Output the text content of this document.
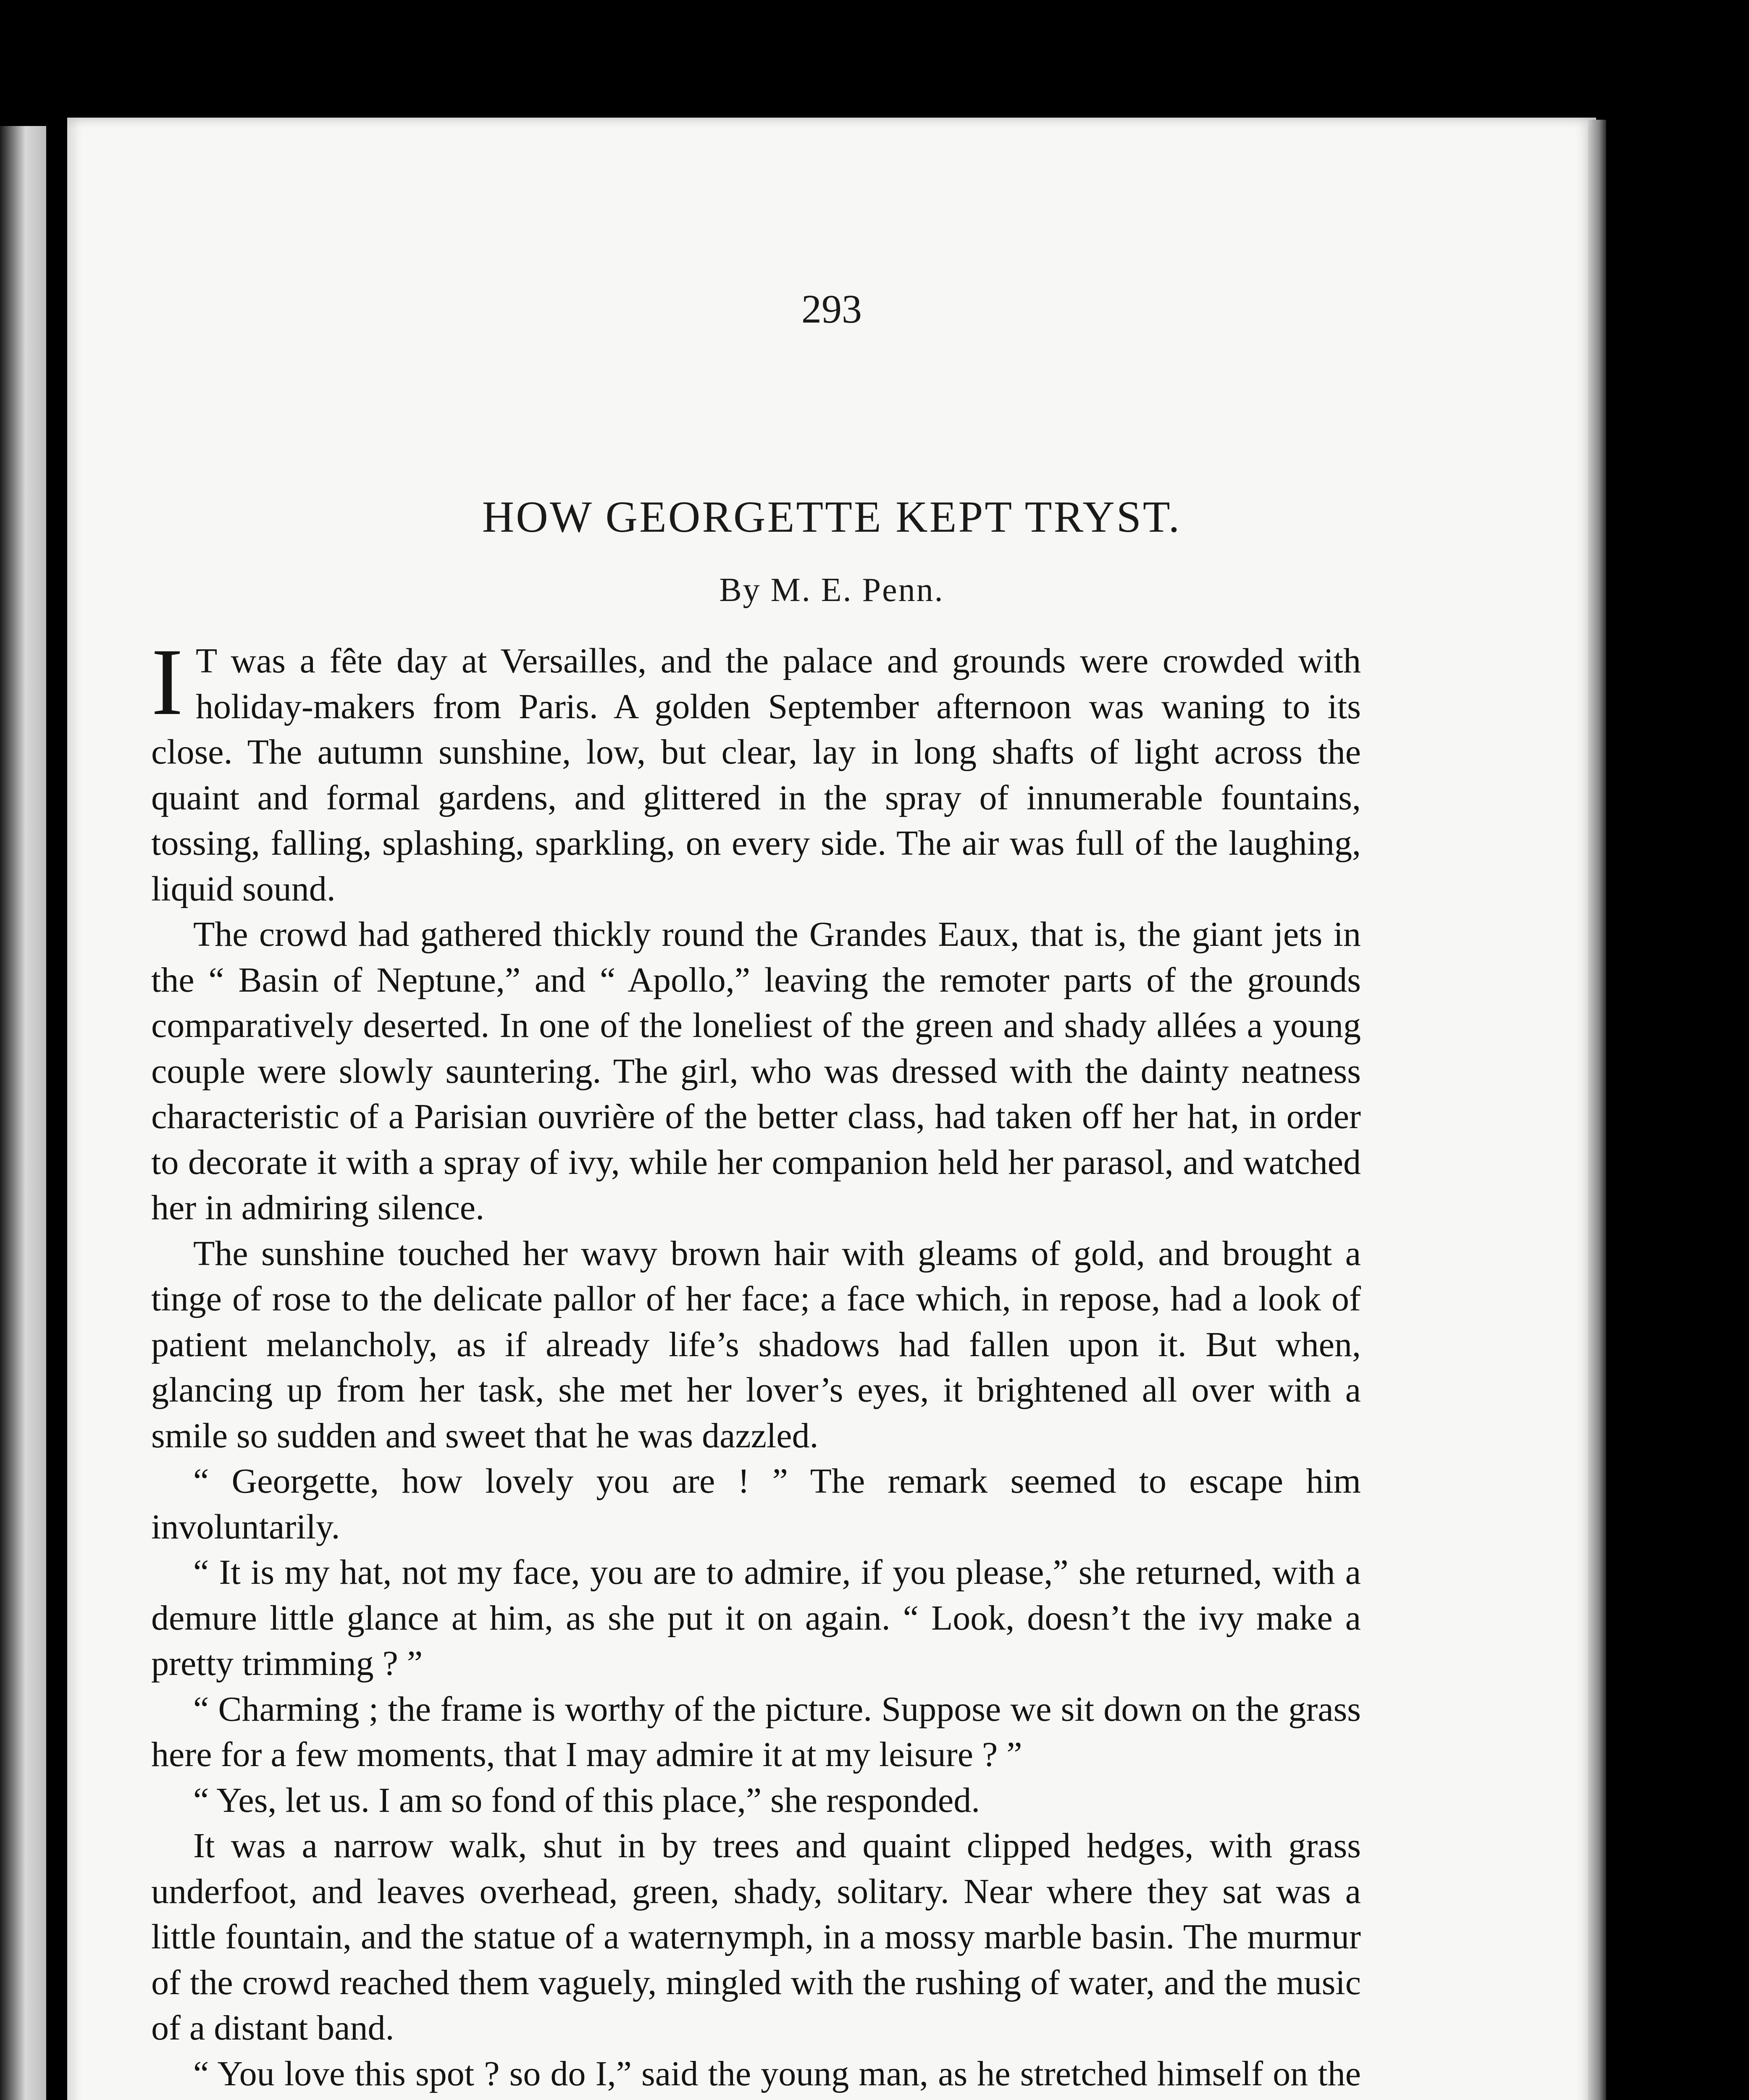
293
HOW GEORGETTE KEPT TRYST.
By M. E. Penn.

I T was a fête day at Versailles, and the palace and grounds were crowded with holiday-makers from Paris. A golden September afternoon was waning to its close. The autumn sunshine, low, but clear, lay in long shafts of light across the quaint and formal gardens, and glittered in the spray of innumerable fountains, tossing, falling, splashing, sparkling, on every side. The air was full of the laughing, liquid sound.

The crowd had gathered thickly round the Grandes Eaux, that is, the giant jets in the “ Basin of Neptune,” and “ Apollo,” leaving the remoter parts of the grounds comparatively deserted. In one of the loneliest of the green and shady allées a young couple were slowly sauntering. The girl, who was dressed with the dainty neatness characteristic of a Parisian ouvrière of the better class, had taken off her hat, in order to decorate it with a spray of ivy, while her companion held her parasol, and watched her in admiring silence.

The sunshine touched her wavy brown hair with gleams of gold, and brought a tinge of rose to the delicate pallor of her face; a face which, in repose, had a look of patient melancholy, as if already life’s shadows had fallen upon it. But when, glancing up from her task, she met her lover’s eyes, it brightened all over with a smile so sudden and sweet that he was dazzled.

“ Georgette, how lovely you are ! ” The remark seemed to escape him involuntarily.

“ It is my hat, not my face, you are to admire, if you please,” she returned, with a demure little glance at him, as she put it on again. “ Look, doesn’t the ivy make a pretty trimming ? ”

“ Charming ; the frame is worthy of the picture. Suppose we sit down on the grass here for a few moments, that I may admire it at my leisure ? ”

“ Yes, let us. I am so fond of this place,” she responded.

It was a narrow walk, shut in by trees and quaint clipped hedges, with grass underfoot, and leaves overhead, green, shady, solitary. Near where they sat was a little fountain, and the statue of a waternymph, in a mossy marble basin. The murmur of the crowd reached them vaguely, mingled with the rushing of water, and the music of a distant band.

“ You love this spot ? so do I,” said the young man, as he stretched himself on the
